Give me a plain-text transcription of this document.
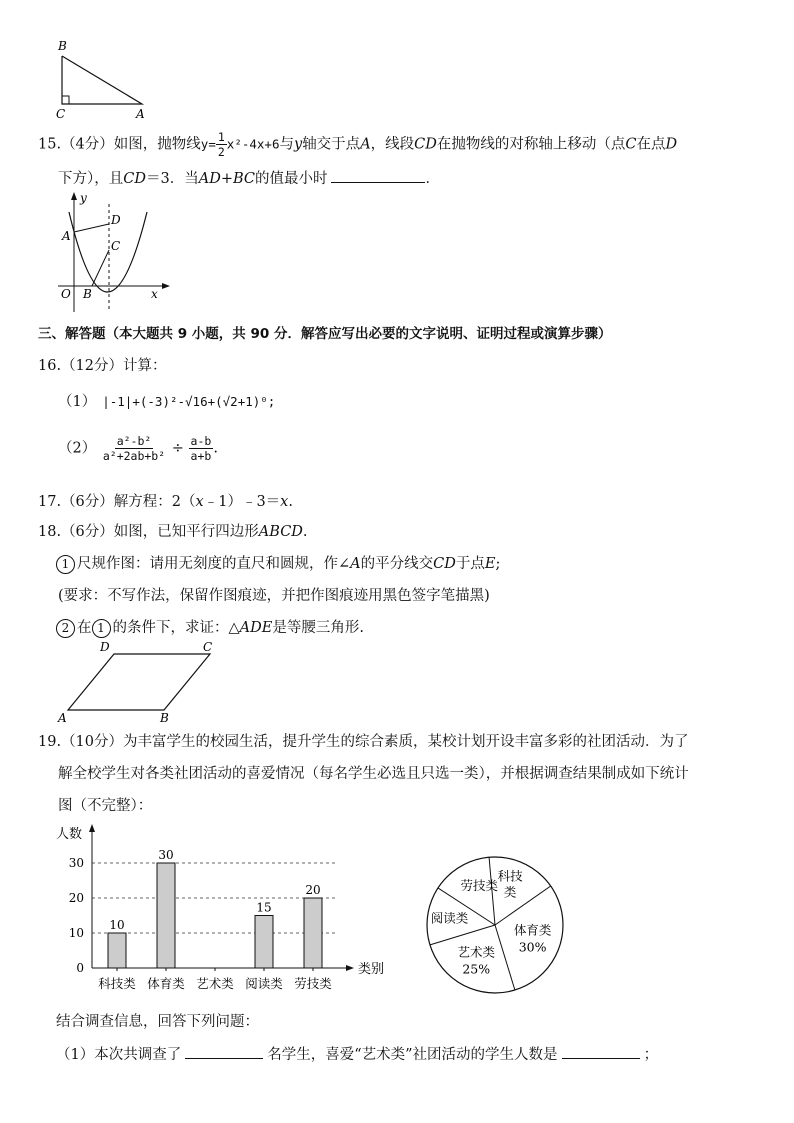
B
C	A
15.（4分）如图，抛物线$y= \frac{1}{2} x^2-4x+6$与y轴交于点A，线段CD在抛物线的对称轴上移动（点C在点D
下方），且CD＝3．当AD+BC的值最小时	．
y
D
A
C
O B	x
三、解答题（本大题共 9 小题，共 90 分．解答应写出必要的文字说明、证明过程或演算步骤）
16.（12分）计算：
（1） |-1|+(-3)²-√16+(√2+1)⁰;
$(2) \frac{\text{a²-b²}}{\text{a²+2ab+b²}} \div \frac{a-b}{a+b}$ .
17.（6分）解方程：2（x﹣1）﹣3＝x.
18.（6分）如图，已知平行四边形ABCD.
1 尺规作图：请用无刻度的直尺和圆规，作∠A的平分线交CD于点E;
(要求：不写作法，保留作图痕迹，并把作图痕迹用黑色签字笔描黑)
2 在 1 的条件下，求证：△ADE是等腰三角形.
D	C
A	B
19.（10分）为丰富学生的校园生活，提升学生的综合素质，某校计划开设丰富多彩的社团活动．为了
解全校学生对各类社团活动的喜爱情况（每名学生必选且只选一类），并根据调查结果制成如下统计
图（不完整）：
0
10
20
30
人数
类别
科技类
10
体育类
30
艺术类 阅读类
15
劳技类
20
科技
类
体育类
30%
艺术类
25%
阅读类
劳技类
结合调查信息，回答下列问题：
（1）本次共调查了	名学生，喜爱“艺术类”社团活动的学生人数是	；
